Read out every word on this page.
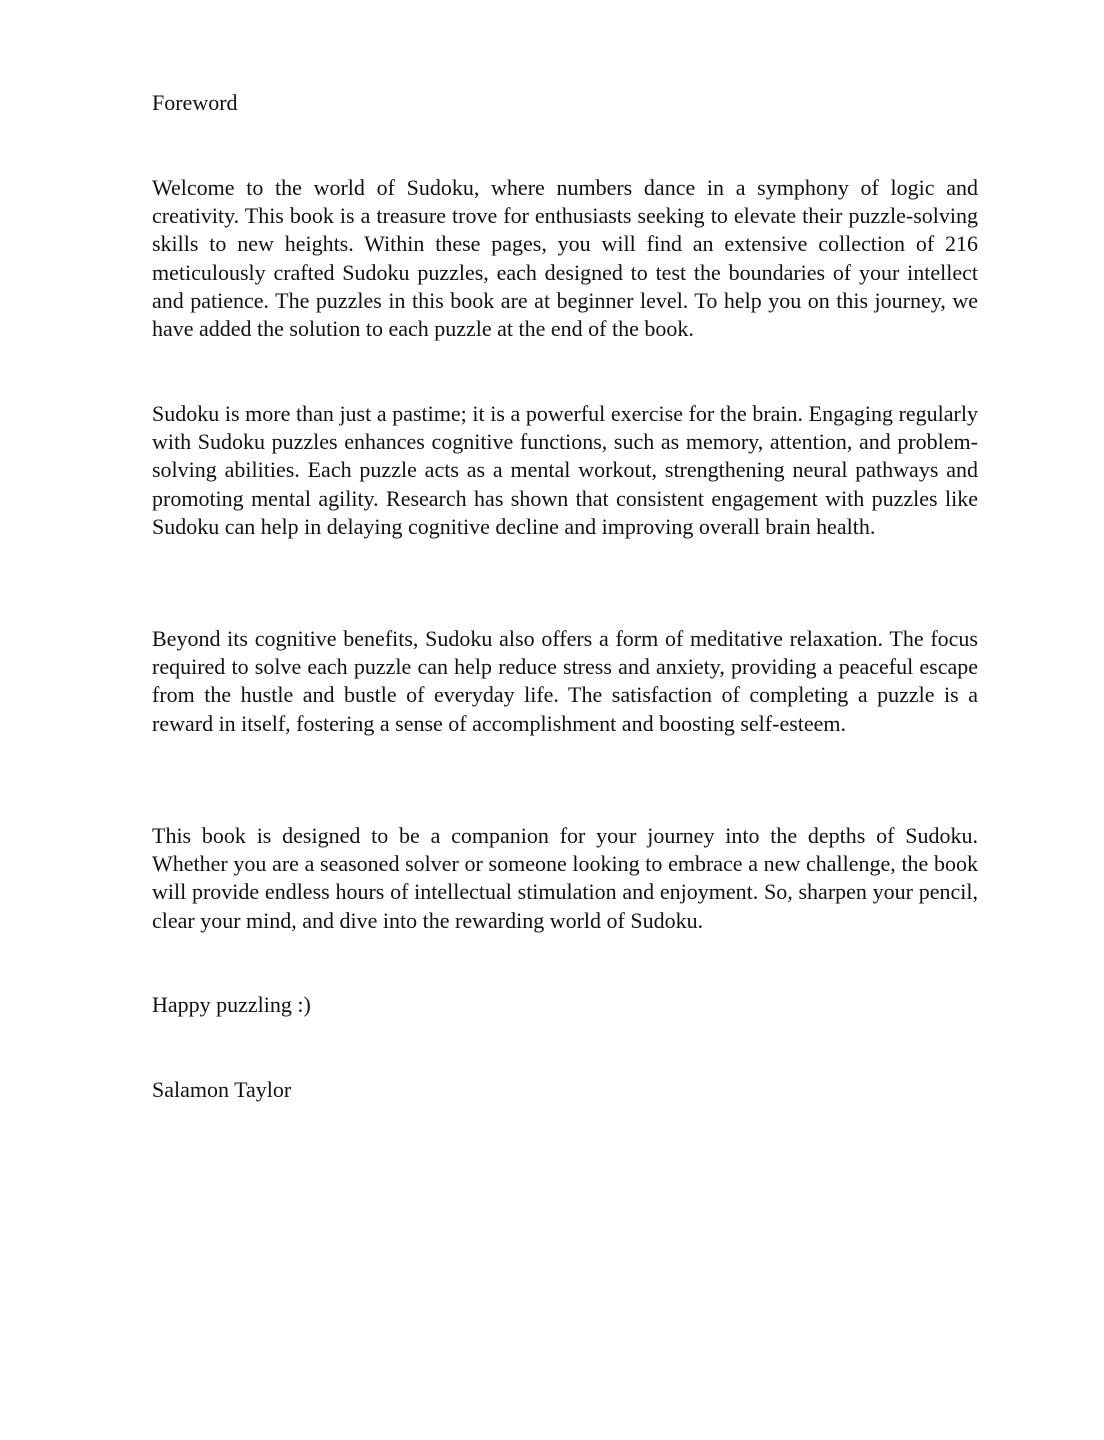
Foreword

Welcome to the world of Sudoku, where numbers dance in a symphony of logic and creativity. This book is a treasure trove for enthusiasts seeking to elevate their puzzle-solving skills to new heights. Within these pages, you will find an extensive collection of 216 meticulously crafted Sudoku puzzles, each designed to test the boundaries of your intellect and patience. The puzzles in this book are at beginner level. To help you on this journey, we have added the solution to each puzzle at the end of the book.

Sudoku is more than just a pastime; it is a powerful exercise for the brain. Engaging regularly with Sudoku puzzles enhances cognitive functions, such as memory, attention, and problem-solving abilities. Each puzzle acts as a mental workout, strengthening neural pathways and promoting mental agility. Research has shown that consistent engagement with puzzles like Sudoku can help in delaying cognitive decline and improving overall brain health.

Beyond its cognitive benefits, Sudoku also offers a form of meditative relaxation. The focus required to solve each puzzle can help reduce stress and anxiety, providing a peaceful escape from the hustle and bustle of everyday life. The satisfaction of completing a puzzle is a reward in itself, fostering a sense of accomplishment and boosting self-esteem.

This book is designed to be a companion for your journey into the depths of Sudoku. Whether you are a seasoned solver or someone looking to embrace a new challenge, the book will provide endless hours of intellectual stimulation and enjoyment. So, sharpen your pencil, clear your mind, and dive into the rewarding world of Sudoku.

Happy puzzling :)

Salamon Taylor
